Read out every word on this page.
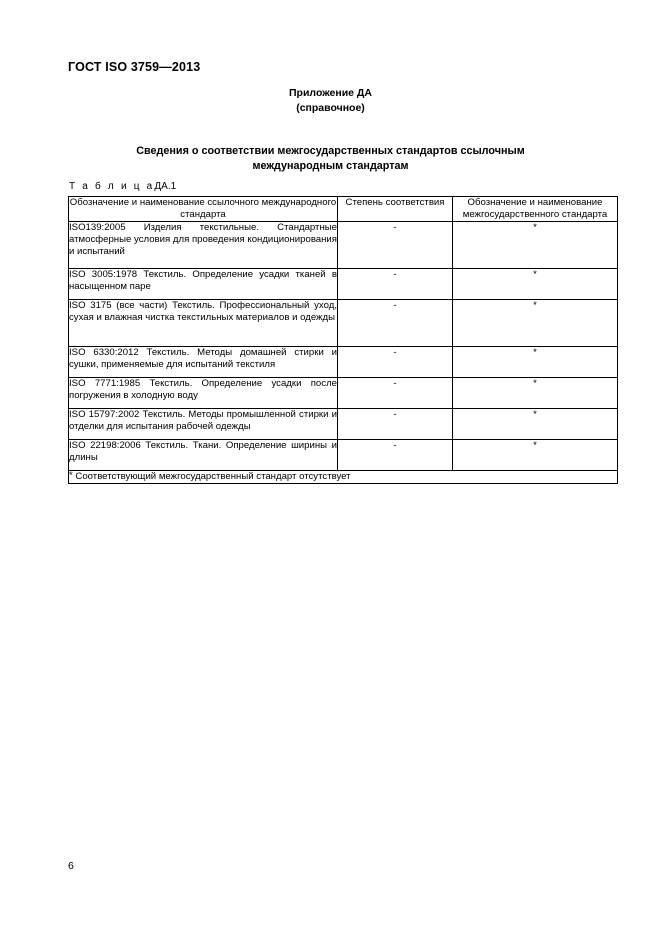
ГОСТ ISO 3759—2013
Приложение ДА
(справочное)
Сведения о соответствии межгосударственных стандартов ссылочным
международным стандартам
Т а б л и ц аДА.1
Обозначение и наименование ссылочного международного стандарта	Степень соответствия	Обозначение и наименование межгосударственного стандарта
ISO139:2005 Изделия текстильные. Стандартные атмосферные условия для проведения кондиционирования и испытаний	-	*
ISO 3005:1978 Текстиль. Определение усадки тканей в насыщенном паре	-	*
ISO 3175 (все части) Текстиль. Профессиональный уход, сухая и влажная чистка текстильных материалов и одежды	-	*
ISO 6330:2012 Текстиль. Методы домашней стирки и сушки, применяемые для испытаний текстиля	-	*
ISO 7771:1985 Текстиль. Определение усадки после погружения в холодную воду	-	*
ISO 15797:2002 Текстиль. Методы промышленной стирки и отделки для испытания рабочей одежды	-	*
ISO 22198:2006 Текстиль. Ткани. Определение ширины и длины	-	*
* Соответствующий межгосударственный стандарт отсутствует		
6
